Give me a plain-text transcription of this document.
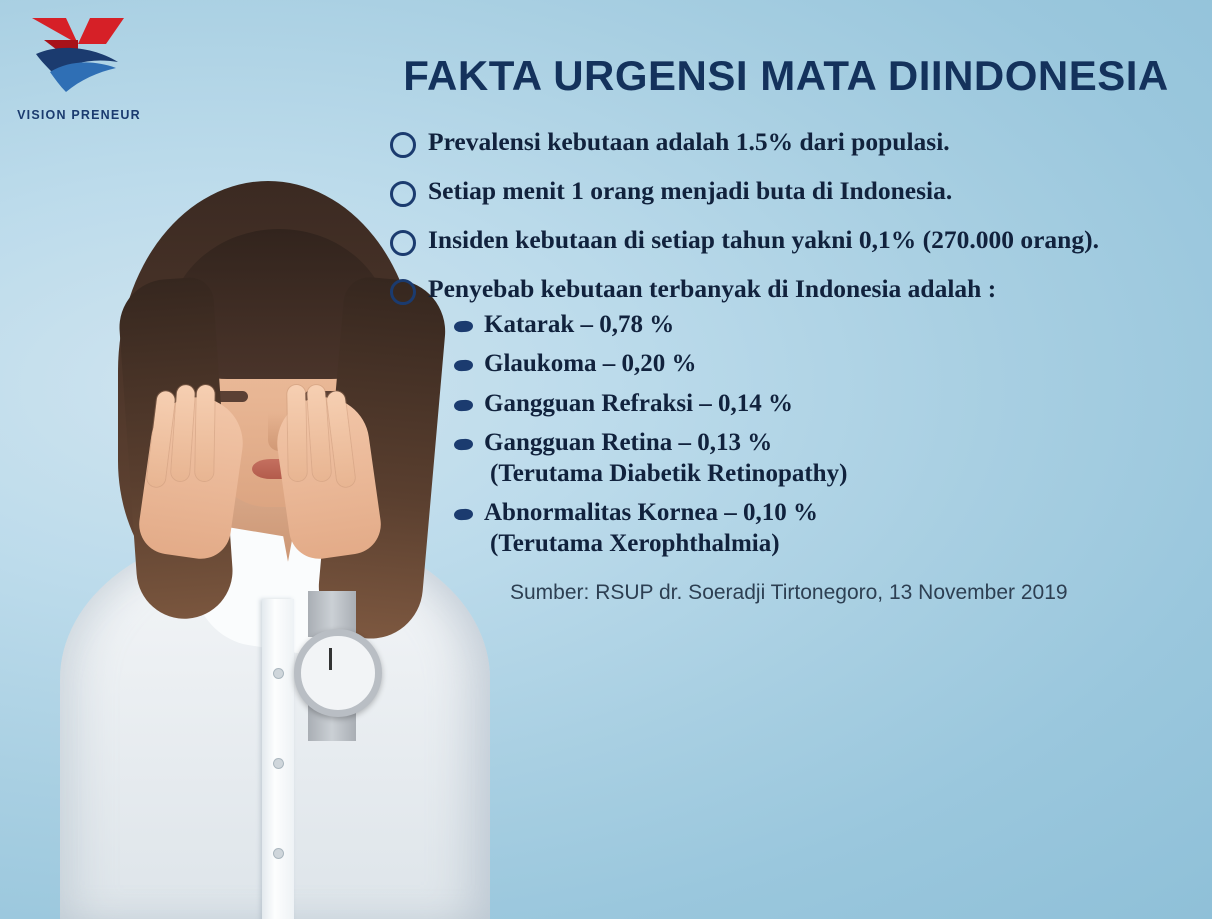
VISION PRENEUR
FAKTA URGENSI MATA DIINDONESIA
Prevalensi kebutaan adalah 1.5% dari populasi.
Setiap menit 1 orang menjadi buta di Indonesia.
Insiden kebutaan di setiap tahun yakni 0,1% (270.000 orang).
Penyebab kebutaan terbanyak di Indonesia adalah :
Katarak – 0,78 %
Glaukoma – 0,20 %
Gangguan Refraksi – 0,14 %
Gangguan Retina – 0,13 %
(Terutama Diabetik Retinopathy)
Abnormalitas Kornea – 0,10 %
(Terutama Xerophthalmia)
Sumber: RSUP dr. Soeradji Tirtonegoro, 13 November 2019
